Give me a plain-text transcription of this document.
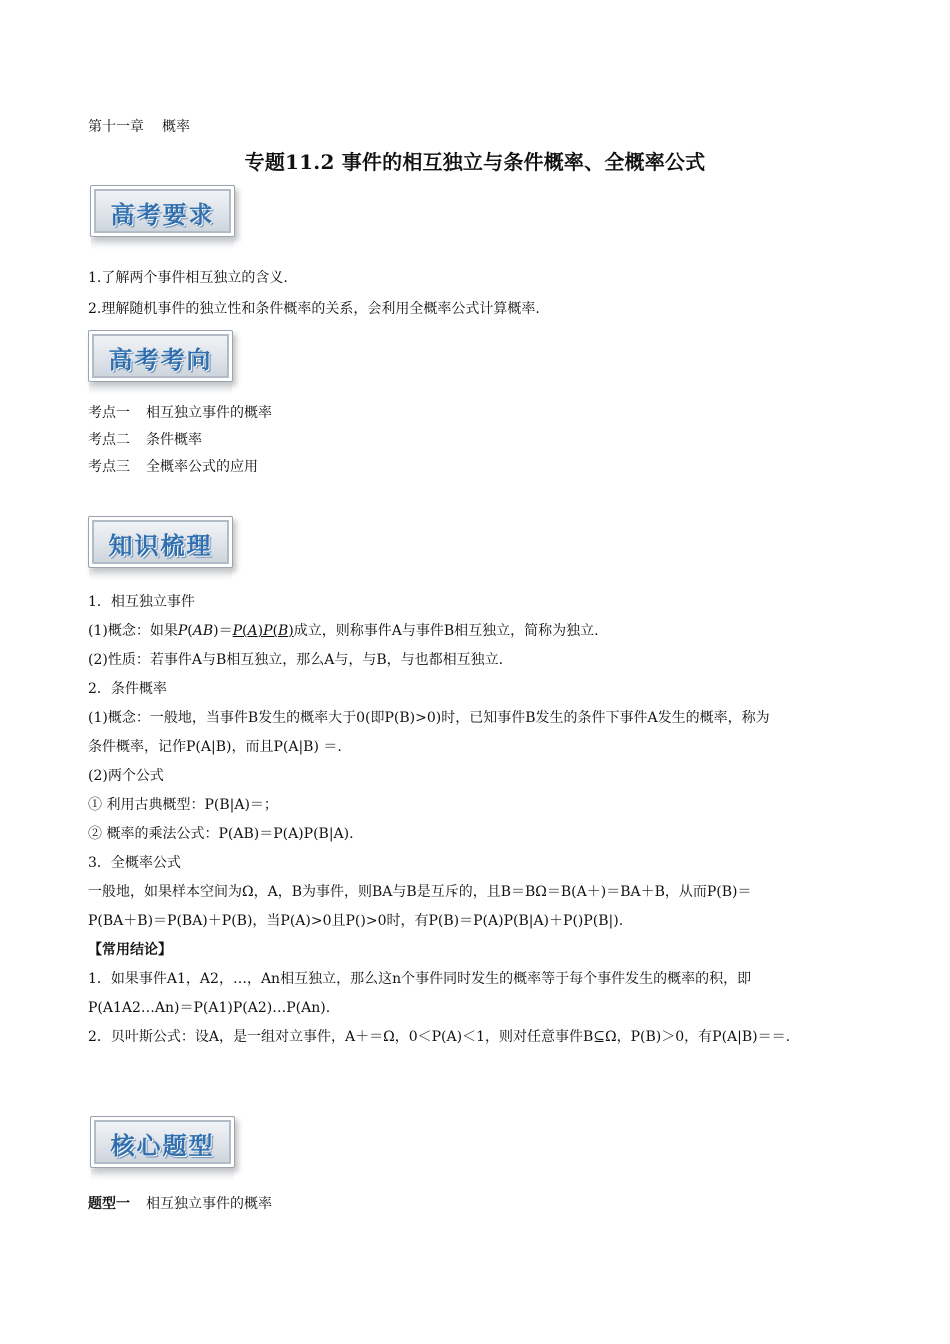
第十一章 概率
专题11.2 事件的相互独立与条件概率、全概率公式
高考要求
1.了解两个事件相互独立的含义.
2.理解随机事件的独立性和条件概率的关系，会利用全概率公式计算概率.
高考考向
考点一 相互独立事件的概率
考点二 条件概率
考点三 全概率公式的应用
知识梳理
1．相互独立事件
(1)概念：如果P(AB)＝P(A)P(B)成立，则称事件A与事件B相互独立，简称为独立.
(2)性质：若事件A与B相互独立，那么A与，与B，与也都相互独立.
2．条件概率
(1)概念：一般地，当事件B发生的概率大于0(即P(B)>0)时，已知事件B发生的条件下事件A发生的概率，称为
条件概率，记作P(A|B)，而且P(A|B) ＝.
(2)两个公式
① 利用古典概型：P(B|A)＝；
② 概率的乘法公式：P(AB)＝P(A)P(B|A).
3．全概率公式
一般地，如果样本空间为Ω，A，B为事件，则BA与B是互斥的，且B＝BΩ＝B(A＋)＝BA＋B，从而P(B)＝
P(BA＋B)＝P(BA)＋P(B)，当P(A)>0且P()>0时，有P(B)＝P(A)P(B|A)＋P()P(B|).
【常用结论】
1．如果事件A1，A2，…，An相互独立，那么这n个事件同时发生的概率等于每个事件发生的概率的积，即
P(A1A2…An)＝P(A1)P(A2)…P(An).
2．贝叶斯公式：设A，是一组对立事件，A＋＝Ω，0＜P(A)＜1，则对任意事件B⊆Ω，P(B)＞0，有P(A|B)＝＝.
核心题型
题型一 相互独立事件的概率
